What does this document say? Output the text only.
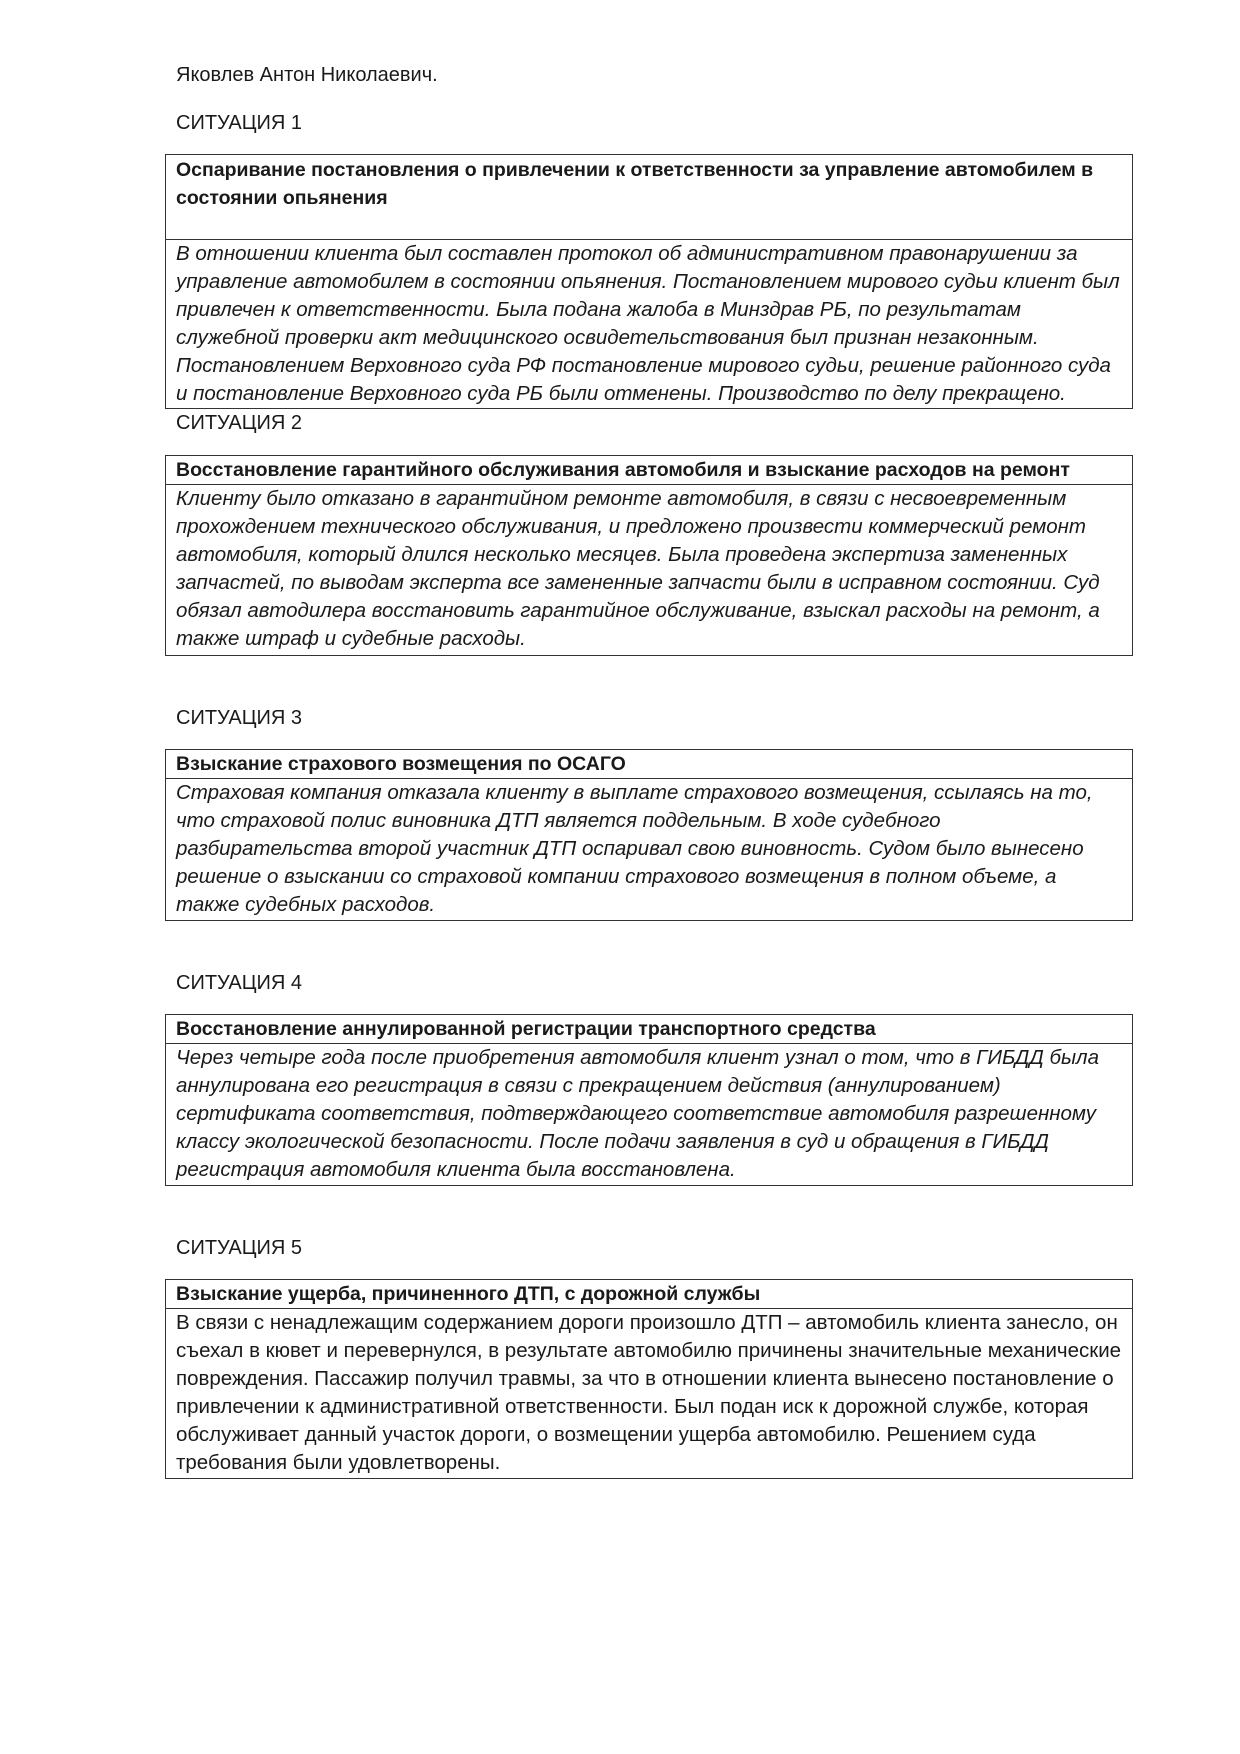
Яковлев Антон Николаевич.
СИТУАЦИЯ 1
Оспаривание постановления о привлечении к ответственности за управление автомобилем в состоянии опьянения
В отношении клиента был составлен протокол об административном правонарушении за управление автомобилем в состоянии опьянения. Постановлением мирового судьи клиент был привлечен к ответственности. Была подана жалоба в Минздрав РБ, по результатам служебной проверки акт медицинского освидетельствования был признан незаконным. Постановлением Верховного суда РФ постановление мирового судьи, решение районного суда и постановление Верховного суда РБ были отменены. Производство по делу прекращено.
СИТУАЦИЯ 2
Восстановление гарантийного обслуживания автомобиля и взыскание расходов на ремонт
Клиенту было отказано в гарантийном ремонте автомобиля, в связи с несвоевременным прохождением технического обслуживания, и предложено произвести коммерческий ремонт автомобиля, который длился несколько месяцев. Была проведена экспертиза замененных запчастей, по выводам эксперта все замененные запчасти были в исправном состоянии. Суд обязал автодилера восстановить гарантийное обслуживание, взыскал расходы на ремонт, а также штраф и судебные расходы.
СИТУАЦИЯ 3
Взыскание страхового возмещения по ОСАГО
Страховая компания отказала клиенту в выплате страхового возмещения, ссылаясь на то, что страховой полис виновника ДТП является поддельным. В ходе судебного разбирательства второй участник ДТП оспаривал свою виновность. Судом было вынесено решение о взыскании со страховой компании страхового возмещения в полном объеме, а также судебных расходов.
СИТУАЦИЯ 4
Восстановление аннулированной регистрации транспортного средства
Через четыре года после приобретения автомобиля клиент узнал о том, что в ГИБДД была аннулирована его регистрация в связи с прекращением действия (аннулированием) сертификата соответствия, подтверждающего соответствие автомобиля разрешенному классу экологической безопасности. После подачи заявления в суд и обращения в ГИБДД регистрация автомобиля клиента была восстановлена.
СИТУАЦИЯ 5
Взыскание ущерба, причиненного ДТП, с дорожной службы
В связи с ненадлежащим содержанием дороги произошло ДТП – автомобиль клиента занесло, он съехал в кювет и перевернулся, в результате автомобилю причинены значительные механические повреждения. Пассажир получил травмы, за что в отношении клиента вынесено постановление о привлечении к административной ответственности. Был подан иск к дорожной службе, которая обслуживает данный участок дороги, о возмещении ущерба автомобилю. Решением суда требования были удовлетворены.
